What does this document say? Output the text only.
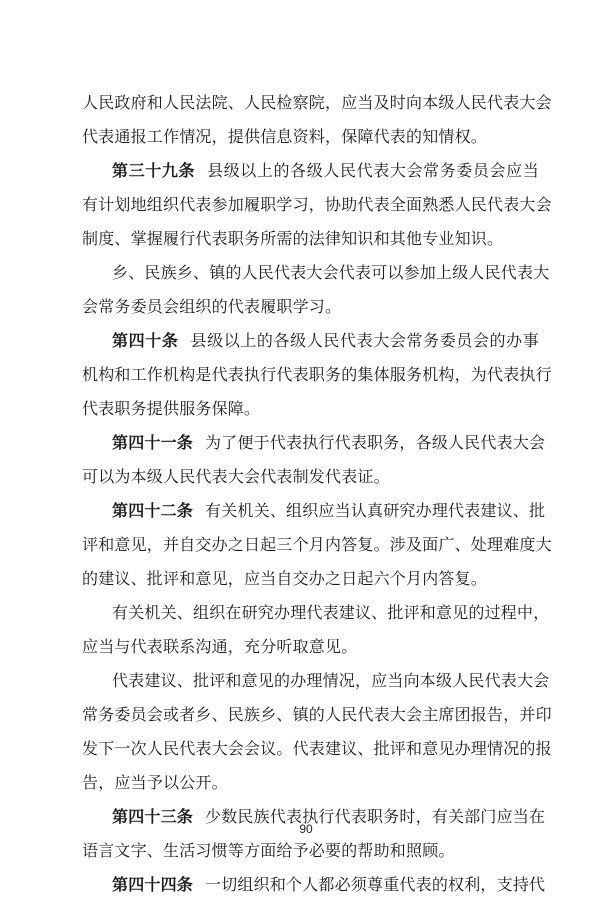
人民政府和人民法院、人民检察院，应当及时向本级人民代表大会
代表通报工作情况，提供信息资料，保障代表的知情权。
第三十九条 县级以上的各级人民代表大会常务委员会应当
有计划地组织代表参加履职学习，协助代表全面熟悉人民代表大会
制度、掌握履行代表职务所需的法律知识和其他专业知识。
乡、民族乡、镇的人民代表大会代表可以参加上级人民代表大
会常务委员会组织的代表履职学习。
第四十条 县级以上的各级人民代表大会常务委员会的办事
机构和工作机构是代表执行代表职务的集体服务机构，为代表执行
代表职务提供服务保障。
第四十一条 为了便于代表执行代表职务，各级人民代表大会
可以为本级人民代表大会代表制发代表证。
第四十二条 有关机关、组织应当认真研究办理代表建议、批
评和意见，并自交办之日起三个月内答复。涉及面广、处理难度大
的建议、批评和意见，应当自交办之日起六个月内答复。
有关机关、组织在研究办理代表建议、批评和意见的过程中，
应当与代表联系沟通，充分听取意见。
代表建议、批评和意见的办理情况，应当向本级人民代表大会
常务委员会或者乡、民族乡、镇的人民代表大会主席团报告，并印
发下一次人民代表大会会议。代表建议、批评和意见办理情况的报
告，应当予以公开。
第四十三条 少数民族代表执行代表职务时，有关部门应当在
语言文字、生活习惯等方面给予必要的帮助和照顾。
第四十四条 一切组织和个人都必须尊重代表的权利，支持代
90
